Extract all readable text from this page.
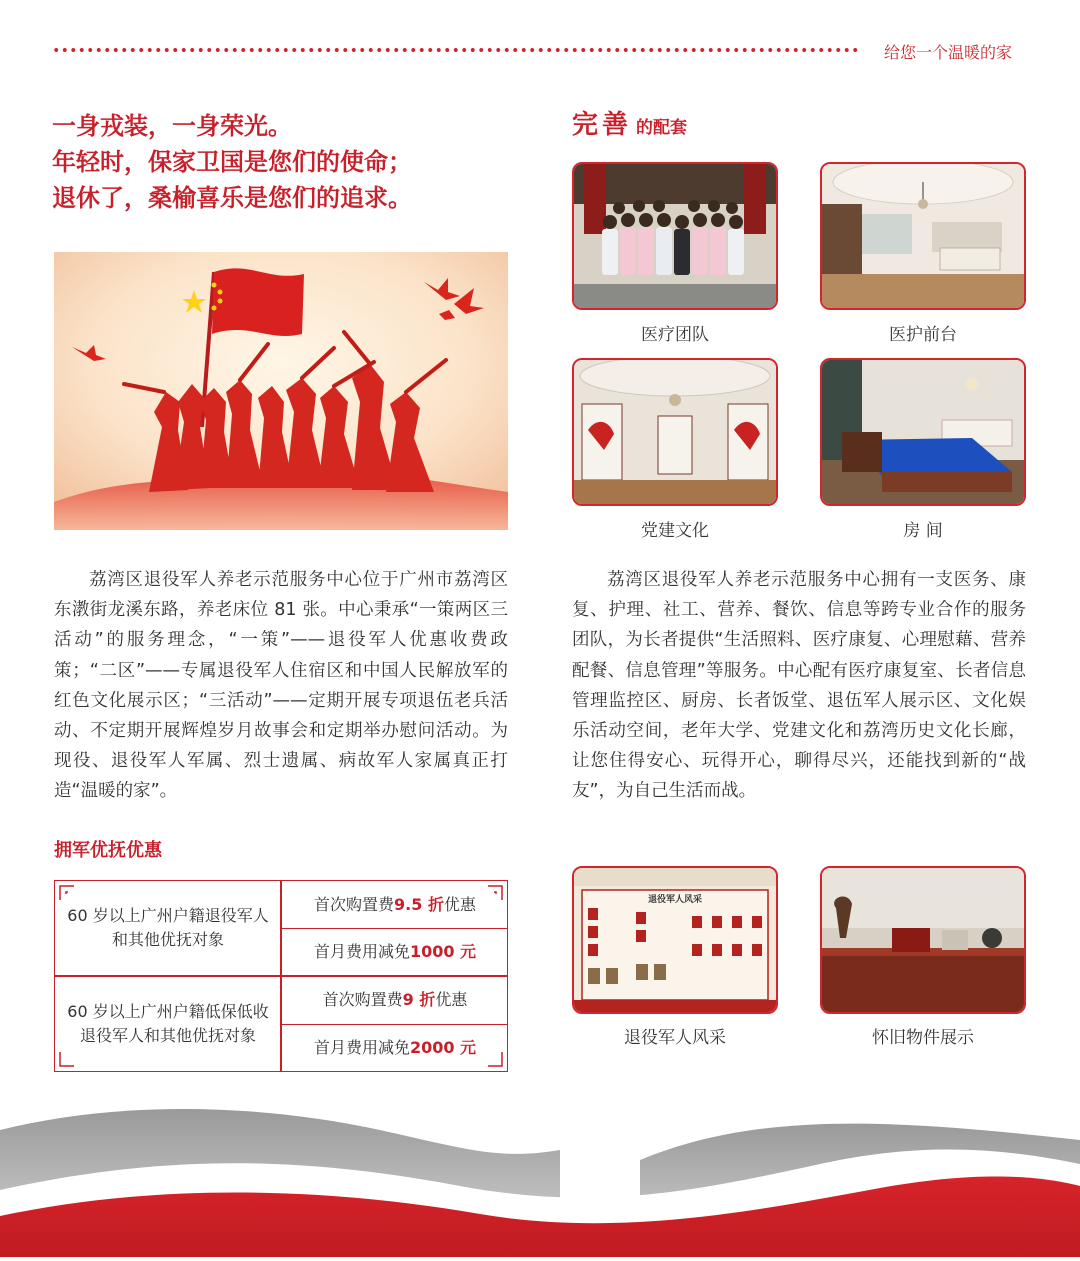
给您一个温暖的家
一身戎装，一身荣光。
年轻时，保家卫国是您们的使命；
退休了，桑榆喜乐是您们的追求。
荔湾区退役军人养老示范服务中心位于广州市荔湾区东漖街龙溪东路，养老床位 81 张。中心秉承“一策两区三活动”的服务理念，“一策”——退役军人优惠收费政策；“二区”——专属退役军人住宿区和中国人民解放军的红色文化展示区；“三活动”——定期开展专项退伍老兵活动、不定期开展辉煌岁月故事会和定期举办慰问活动。为现役、退役军人军属、烈士遗属、病故军人家属真正打造“温暖的家”。
拥军优抚优惠
60 岁以上广州户籍退役军人和其他优抚对象
首次购置费 9.5 折 优惠
首月费用减免 1000 元
60 岁以上广州户籍低保低收退役军人和其他优抚对象
首次购置费 9 折 优惠
首月费用减免 2000 元
完善 的配套
医疗团队	医护前台
党建文化	房 间
荔湾区退役军人养老示范服务中心拥有一支医务、康复、护理、社工、营养、餐饮、信息等跨专业合作的服务团队，为长者提供“生活照料、医疗康复、心理慰藉、营养配餐、信息管理”等服务。中心配有医疗康复室、长者信息管理监控区、厨房、长者饭堂、退伍军人展示区、文化娱乐活动空间，老年大学、党建文化和荔湾历史文化长廊，让您住得安心、玩得开心，聊得尽兴，还能找到新的“战友”，为自己生活而战。
退役军人风采
退役军人风采	怀旧物件展示
